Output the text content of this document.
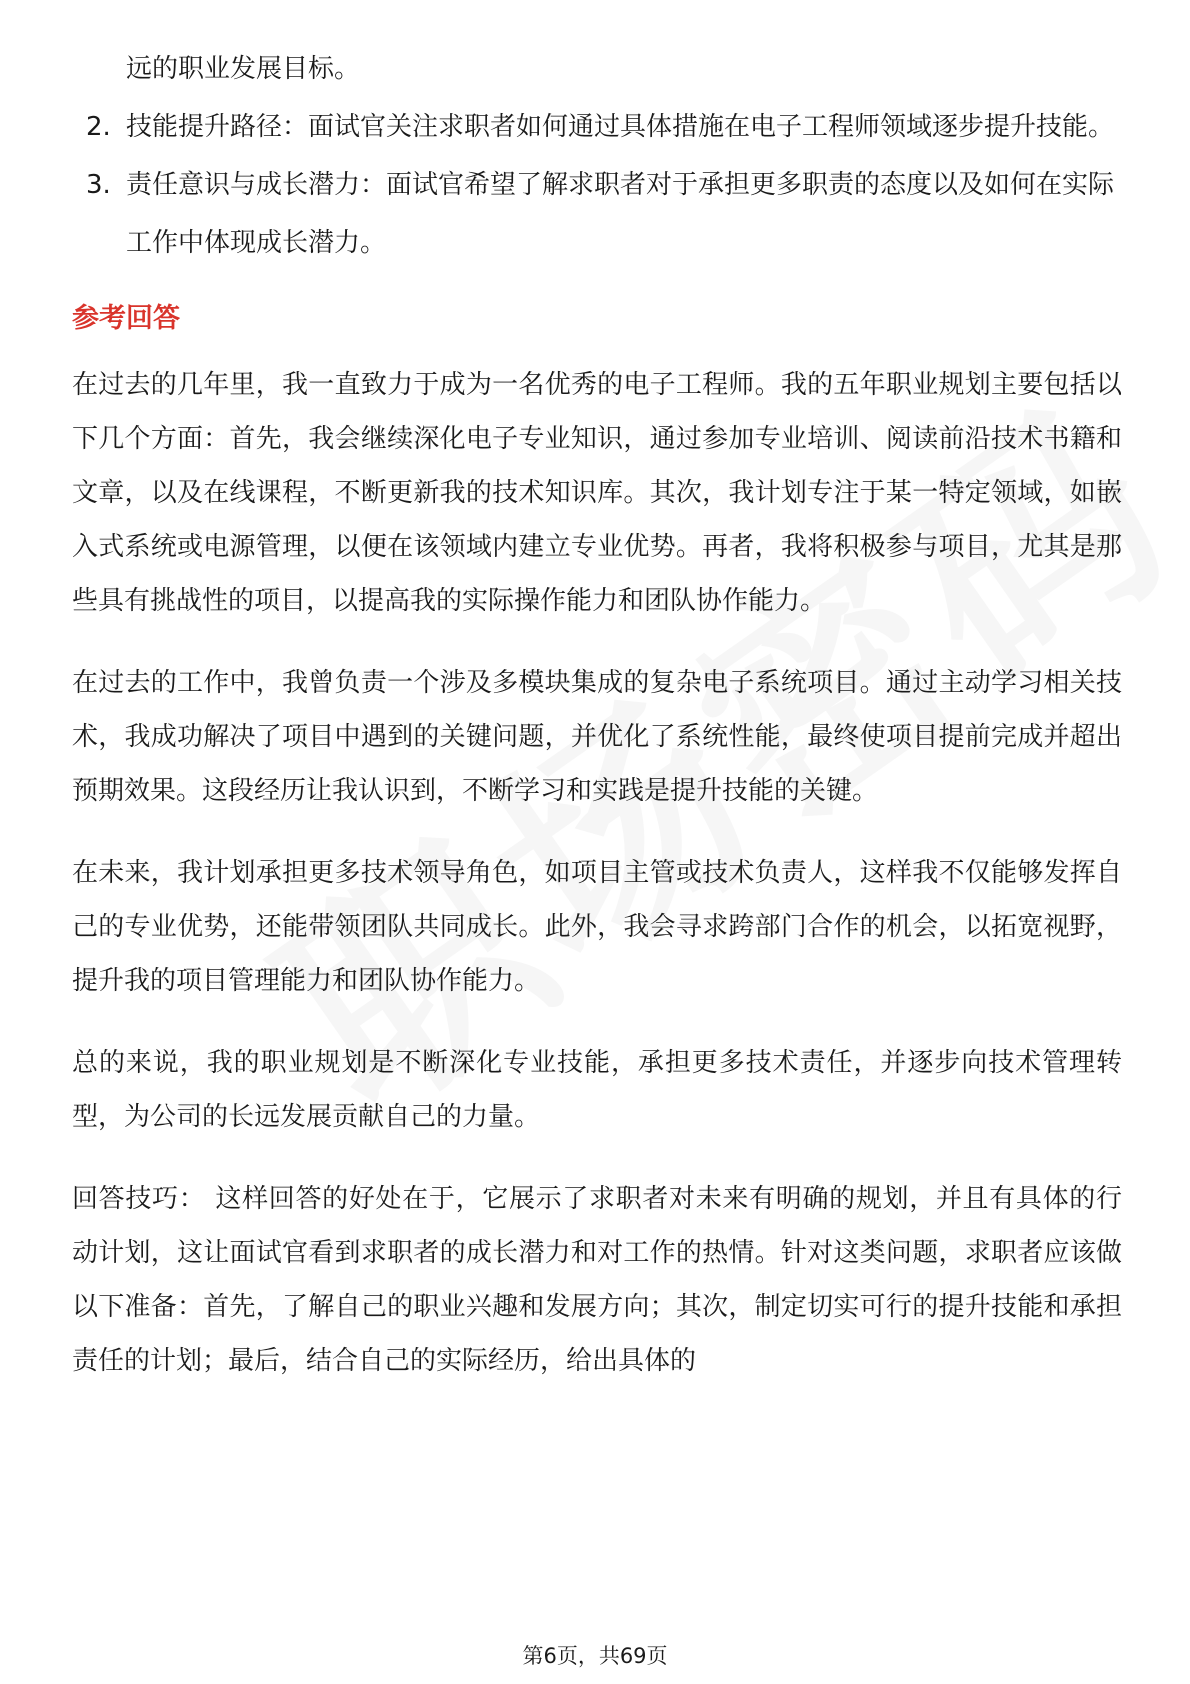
远的职业发展目标。
2. 技能提升路径：面试官关注求职者如何通过具体措施在电子工程师领域逐步提升技能。
3. 责任意识与成长潜力：面试官希望了解求职者对于承担更多职责的态度以及如何在实际工作中体现成长潜力。
参考回答

在过去的几年里，我一直致力于成为一名优秀的电子工程师。我的五年职业规划主要包括以下几个方面：首先，我会继续深化电子专业知识，通过参加专业培训、阅读前沿技术书籍和文章，以及在线课程，不断更新我的技术知识库。其次，我计划专注于某一特定领域，如嵌入式系统或电源管理，以便在该领域内建立专业优势。再者，我将积极参与项目，尤其是那些具有挑战性的项目，以提高我的实际操作能力和团队协作能力。

在过去的工作中，我曾负责一个涉及多模块集成的复杂电子系统项目。通过主动学习相关技术，我成功解决了项目中遇到的关键问题，并优化了系统性能，最终使项目提前完成并超出预期效果。这段经历让我认识到，不断学习和实践是提升技能的关键。

在未来，我计划承担更多技术领导角色，如项目主管或技术负责人，这样我不仅能够发挥自己的专业优势，还能带领团队共同成长。此外，我会寻求跨部门合作的机会，以拓宽视野，提升我的项目管理能力和团队协作能力。

总的来说，我的职业规划是不断深化专业技能，承担更多技术责任，并逐步向技术管理转型，为公司的长远发展贡献自己的力量。

回答技巧： 这样回答的好处在于，它展示了求职者对未来有明确的规划，并且有具体的行动计划，这让面试官看到求职者的成长潜力和对工作的热情。针对这类问题，求职者应该做以下准备：首先，了解自己的职业兴趣和发展方向；其次，制定切实可行的提升技能和承担责任的计划；最后，结合自己的实际经历，给出具体的

第6页，共69页
